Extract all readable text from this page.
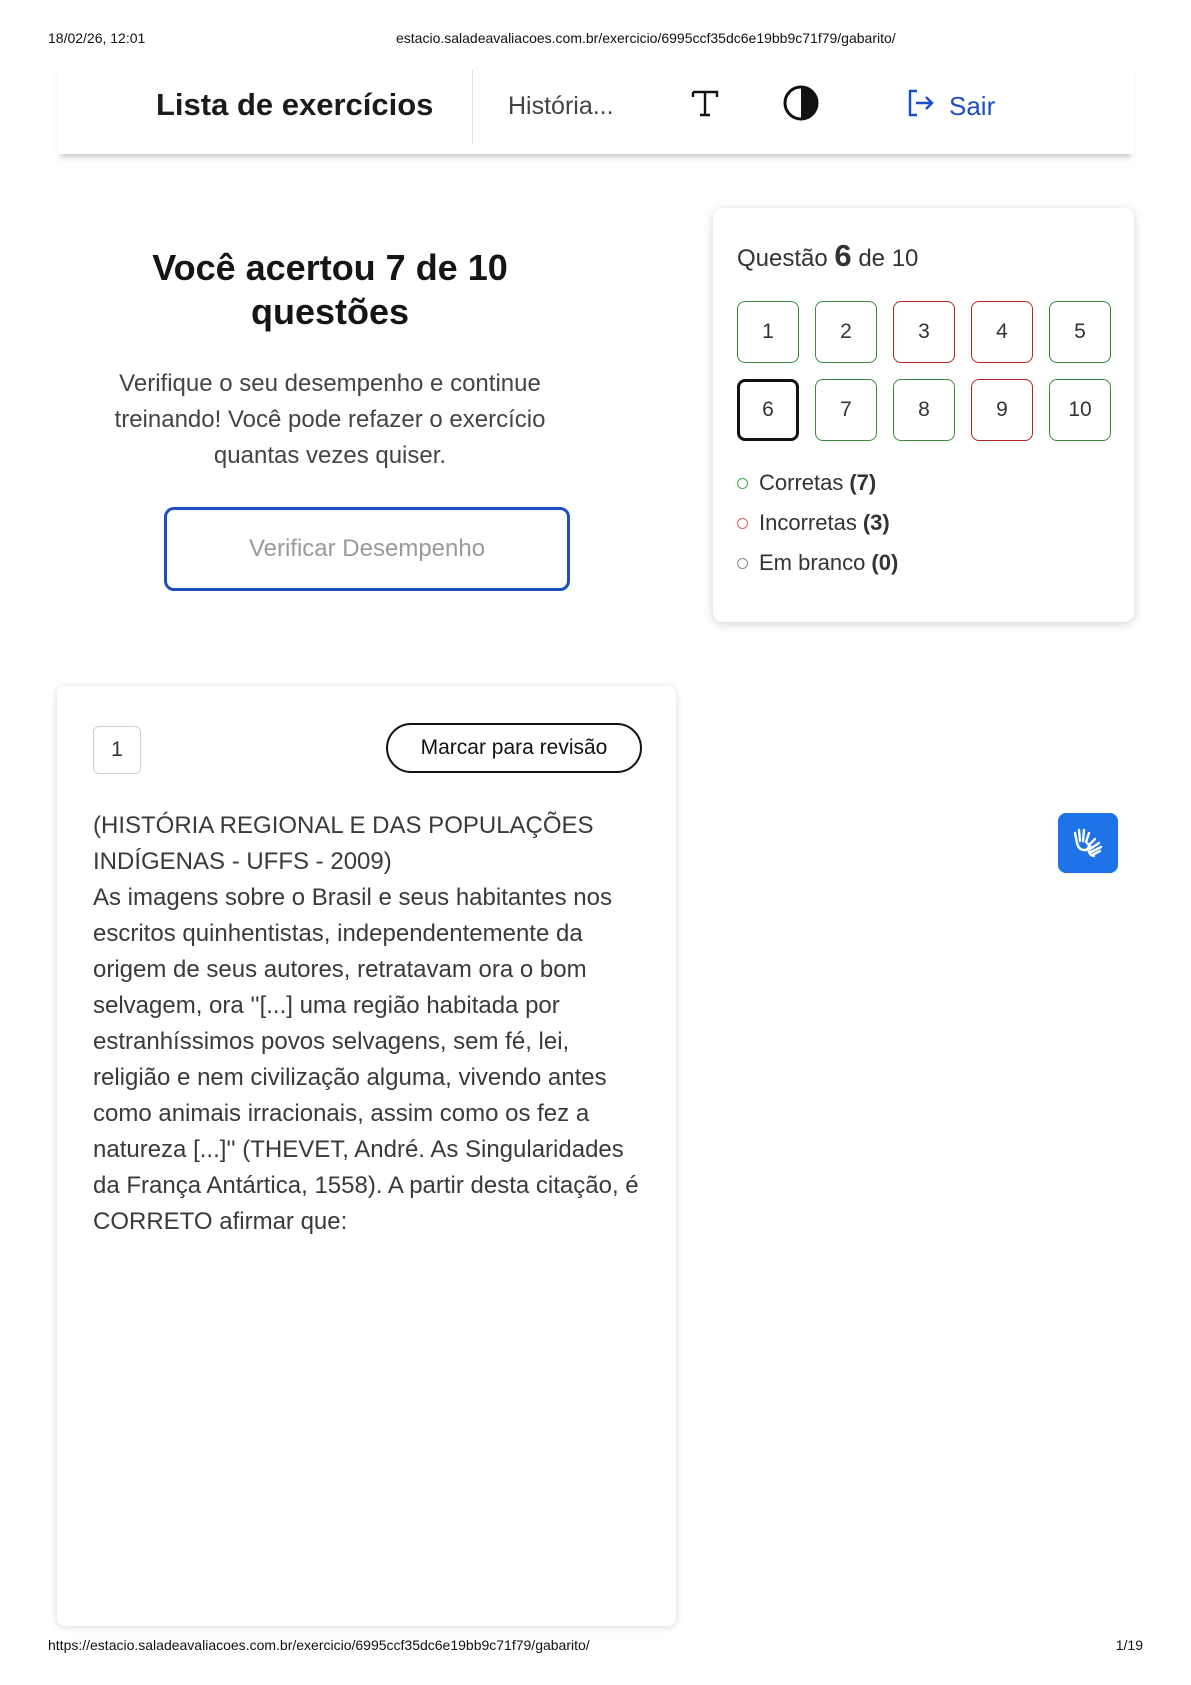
18/02/26, 12:01	estacio.saladeavaliacoes.com.br/exercicio/6995ccf35dc6e19bb9c71f79/gabarito/
Lista de exercícios	História...	Sair
Você acertou 7 de 10 questões

Verifique o seu desempenho e continue treinando! Você pode refazer o exercício quantas vezes quiser.

Verificar Desempenho
Questão 6 de 10
1	2	3	4	5
6	7	8	9	10
Corretas (7)
Incorretas (3)
Em branco (0)
1	Marcar para revisão
(HISTÓRIA REGIONAL E DAS POPULAÇÕES INDÍGENAS - UFFS - 2009)
As imagens sobre o Brasil e seus habitantes nos escritos quinhentistas, independentemente da origem de seus autores, retratavam ora o bom selvagem, ora ''[...] uma região habitada por estranhíssimos povos selvagens, sem fé, lei, religião e nem civilização alguma, vivendo antes como animais irracionais, assim como os fez a natureza [...]'' (THEVET, André. As Singularidades da França Antártica, 1558). A partir desta citação, é CORRETO afirmar que:
https://estacio.saladeavaliacoes.com.br/exercicio/6995ccf35dc6e19bb9c71f79/gabarito/	1/19
